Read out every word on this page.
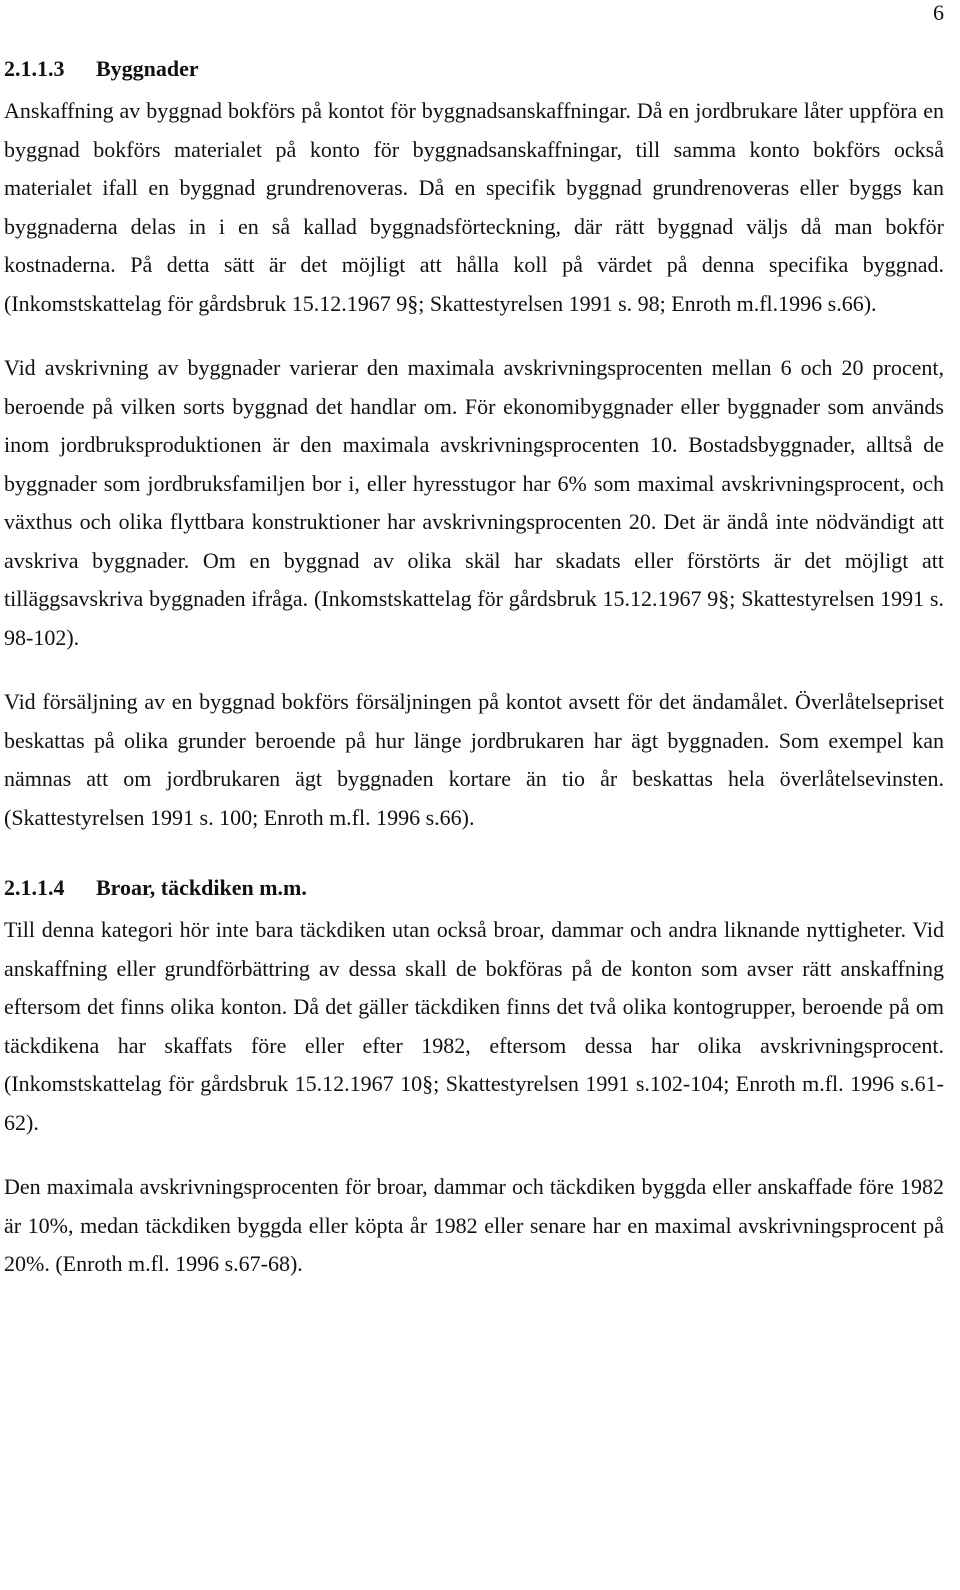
6
2.1.1.3 Byggnader

Anskaffning av byggnad bokförs på kontot för byggnadsanskaffningar. Då en jordbrukare låter uppföra en byggnad bokförs materialet på konto för byggnadsanskaffningar, till samma konto bokförs också materialet ifall en byggnad grundrenoveras. Då en specifik byggnad grundrenoveras eller byggs kan byggnaderna delas in i en så kallad byggnadsförteckning, där rätt byggnad väljs då man bokför kostnaderna. På detta sätt är det möjligt att hålla koll på värdet på denna specifika byggnad. (Inkomstskattelag för gårdsbruk 15.12.1967 9§; Skattestyrelsen 1991 s. 98; Enroth m.fl.1996 s.66).

Vid avskrivning av byggnader varierar den maximala avskrivningsprocenten mellan 6 och 20 procent, beroende på vilken sorts byggnad det handlar om. För ekonomibyggnader eller byggnader som används inom jordbruksproduktionen är den maximala avskrivningsprocenten 10. Bostadsbyggnader, alltså de byggnader som jordbruksfamiljen bor i, eller hyresstugor har 6% som maximal avskrivningsprocent, och växthus och olika flyttbara konstruktioner har avskrivningsprocenten 20. Det är ändå inte nödvändigt att avskriva byggnader. Om en byggnad av olika skäl har skadats eller förstörts är det möjligt att tilläggsavskriva byggnaden ifråga. (Inkomstskattelag för gårdsbruk 15.12.1967 9§; Skattestyrelsen 1991 s. 98-102).

Vid försäljning av en byggnad bokförs försäljningen på kontot avsett för det ändamålet. Överlåtelsepriset beskattas på olika grunder beroende på hur länge jordbrukaren har ägt byggnaden. Som exempel kan nämnas att om jordbrukaren ägt byggnaden kortare än tio år beskattas hela överlåtelsevinsten. (Skattestyrelsen 1991 s. 100; Enroth m.fl. 1996 s.66).

2.1.1.4 Broar, täckdiken m.m.

Till denna kategori hör inte bara täckdiken utan också broar, dammar och andra liknande nyttigheter. Vid anskaffning eller grundförbättring av dessa skall de bokföras på de konton som avser rätt anskaffning eftersom det finns olika konton. Då det gäller täckdiken finns det två olika kontogrupper, beroende på om täckdikena har skaffats före eller efter 1982, eftersom dessa har olika avskrivningsprocent. (Inkomstskattelag för gårdsbruk 15.12.1967 10§; Skattestyrelsen 1991 s.102-104; Enroth m.fl. 1996 s.61-62).

Den maximala avskrivningsprocenten för broar, dammar och täckdiken byggda eller anskaffade före 1982 är 10%, medan täckdiken byggda eller köpta år 1982 eller senare har en maximal avskrivningsprocent på 20%. (Enroth m.fl. 1996 s.67-68).
